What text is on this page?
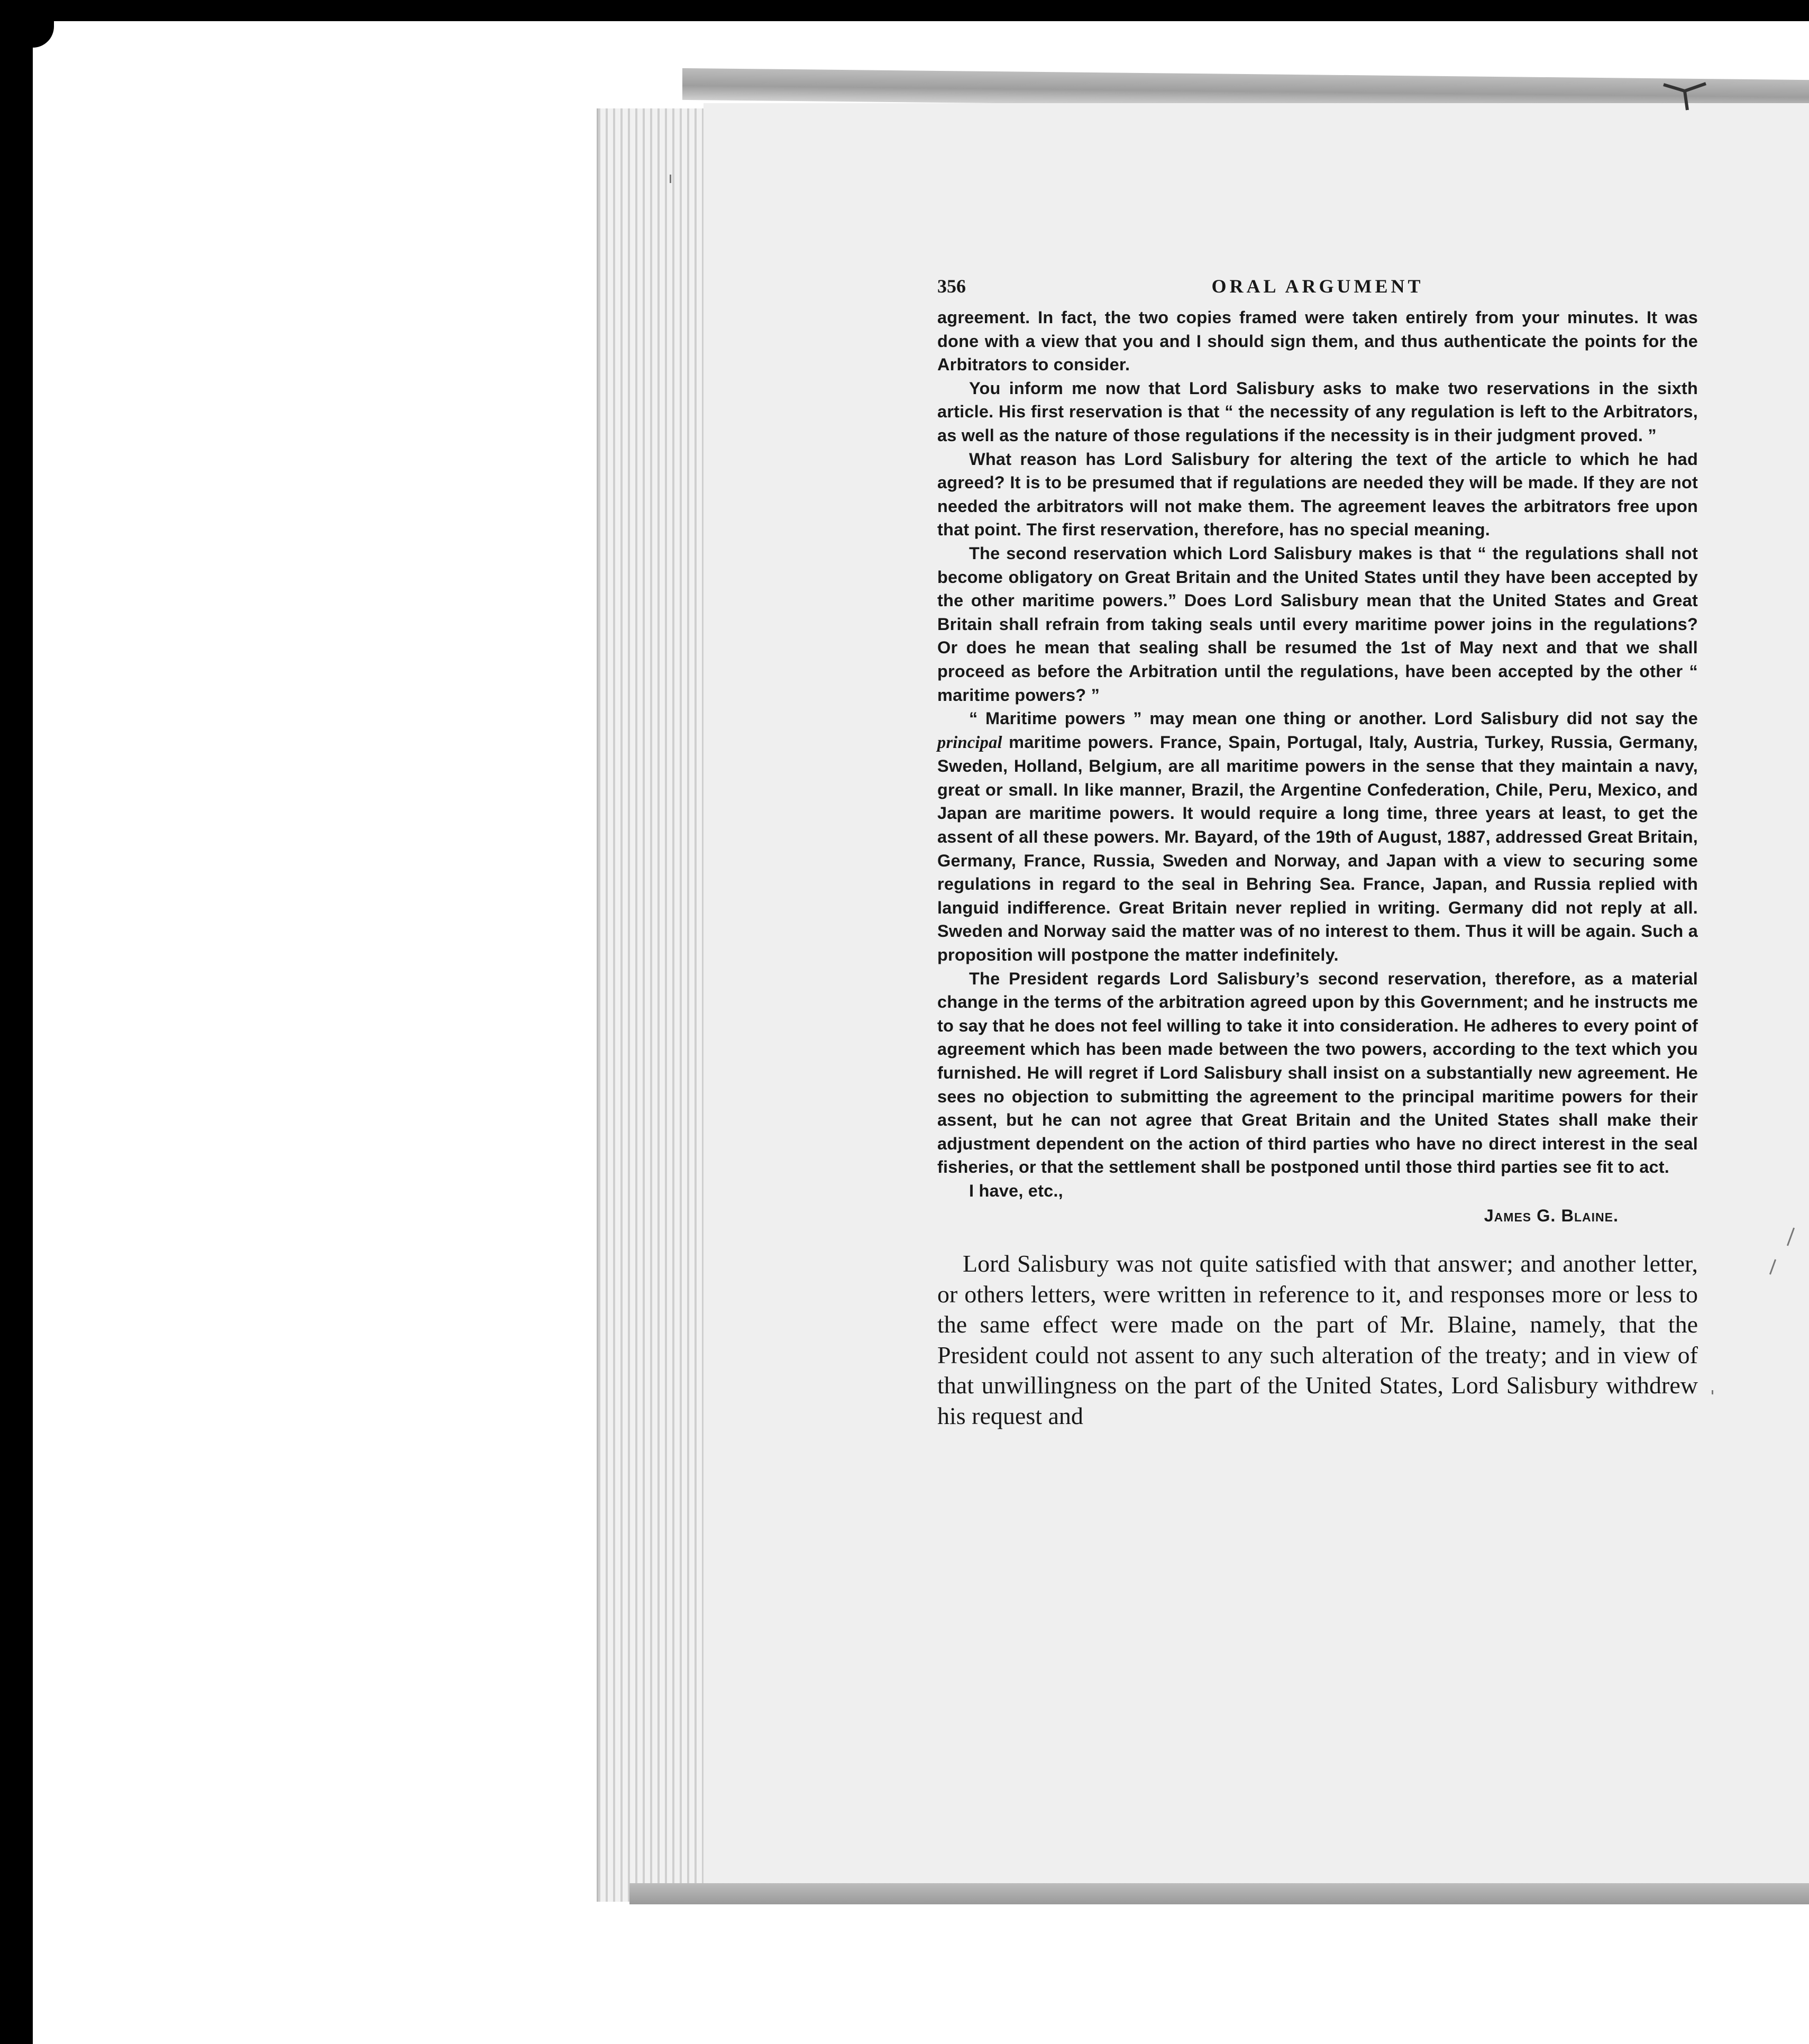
356	ORAL ARGUMENT

agreement. In fact, the two copies framed were taken entirely from your minutes. It was done with a view that you and I should sign them, and thus authenticate the points for the Arbitrators to consider.

You inform me now that Lord Salisbury asks to make two reservations in the sixth article. His first reservation is that “ the necessity of any regulation is left to the Arbitrators, as well as the nature of those regulations if the necessity is in their judgment proved. ”

What reason has Lord Salisbury for altering the text of the article to which he had agreed? It is to be presumed that if regulations are needed they will be made. If they are not needed the arbitrators will not make them. The agreement leaves the arbitrators free upon that point. The first reservation, therefore, has no special meaning.

The second reservation which Lord Salisbury makes is that “ the regulations shall not become obligatory on Great Britain and the United States until they have been accepted by the other maritime powers.” Does Lord Salisbury mean that the United States and Great Britain shall refrain from taking seals until every maritime power joins in the regulations? Or does he mean that sealing shall be resumed the 1st of May next and that we shall proceed as before the Arbitration until the regulations, have been accepted by the other “ maritime powers? ”

“ Maritime powers ” may mean one thing or another. Lord Salisbury did not say the principal maritime powers. France, Spain, Portugal, Italy, Austria, Turkey, Russia, Germany, Sweden, Holland, Belgium, are all maritime powers in the sense that they maintain a navy, great or small. In like manner, Brazil, the Argentine Confederation, Chile, Peru, Mexico, and Japan are maritime powers. It would require a long time, three years at least, to get the assent of all these powers. Mr. Bayard, of the 19th of August, 1887, addressed Great Britain, Germany, France, Russia, Sweden and Norway, and Japan with a view to securing some regulations in regard to the seal in Behring Sea. France, Japan, and Russia replied with languid indifference. Great Britain never replied in writing. Germany did not reply at all. Sweden and Norway said the matter was of no interest to them. Thus it will be again. Such a proposition will postpone the matter indefinitely.

The President regards Lord Salisbury’s second reservation, therefore, as a material change in the terms of the arbitration agreed upon by this Government; and he instructs me to say that he does not feel willing to take it into consideration. He adheres to every point of agreement which has been made between the two powers, according to the text which you furnished. He will regret if Lord Salisbury shall insist on a substantially new agreement. He sees no objection to submitting the agreement to the principal maritime powers for their assent, but he can not agree that Great Britain and the United States shall make their adjustment dependent on the action of third parties who have no direct interest in the seal fisheries, or that the settlement shall be postponed until those third parties see fit to act.

I have, etc.,

James G. Blaine.

Lord Salisbury was not quite satisfied with that answer; and another letter, or others letters, were written in reference to it, and responses more or less to the same effect were made on the part of Mr. Blaine, namely, that the President could not assent to any such alteration of the treaty; and in view of that unwillingness on the part of the United States, Lord Salisbury withdrew his request and
